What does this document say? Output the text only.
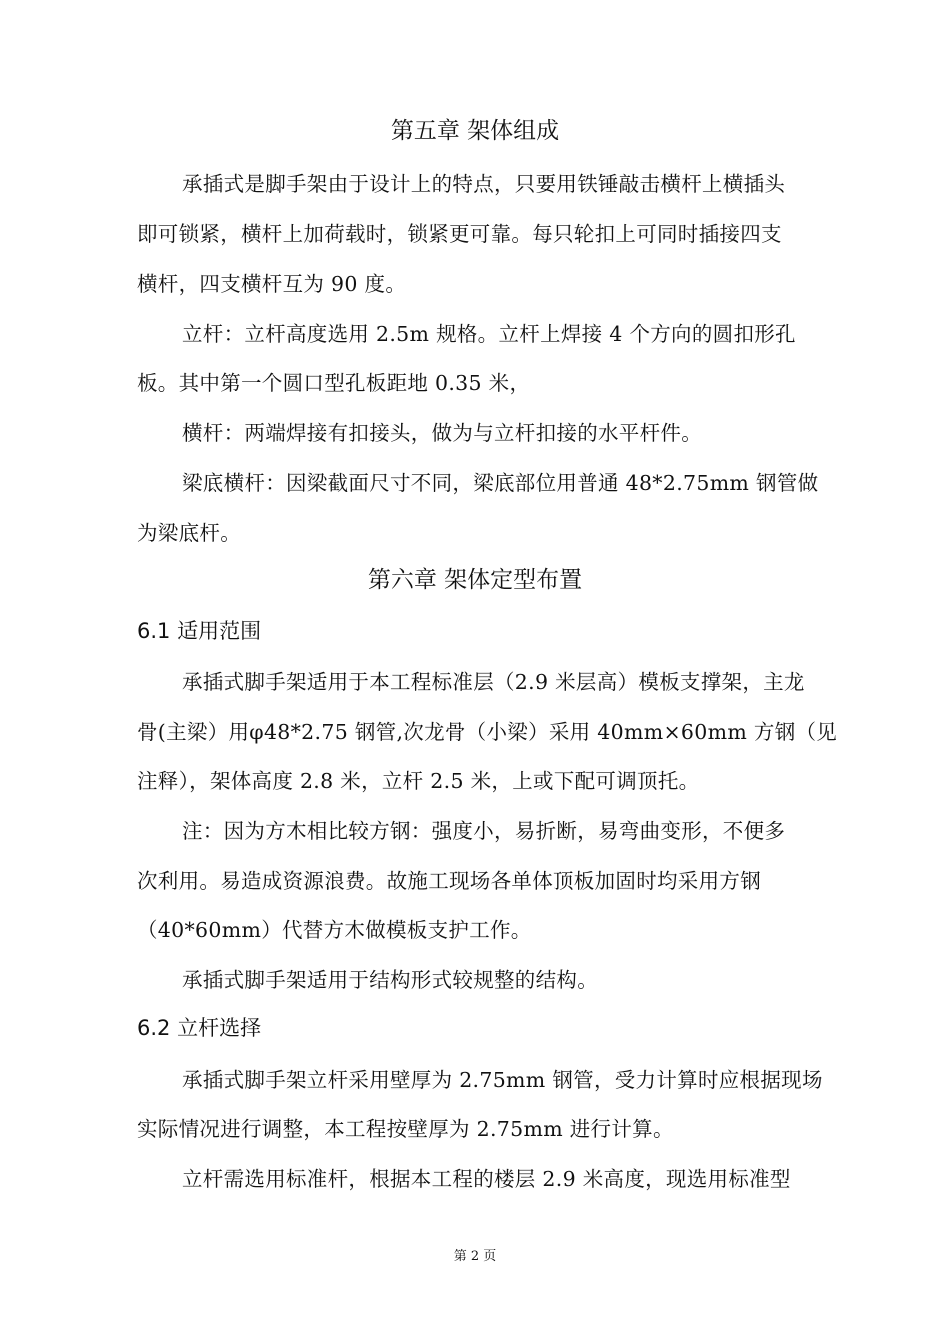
第五章 架体组成
承插式是脚手架由于设计上的特点，只要用铁锤敲击横杆上横插头
即可锁紧，横杆上加荷载时，锁紧更可靠。每只轮扣上可同时插接四支
横杆，四支横杆互为 90 度。
立杆：立杆高度选用 2.5m 规格。立杆上焊接 4 个方向的圆扣形孔
板。其中第一个圆口型孔板距地 0.35 米，
横杆：两端焊接有扣接头，做为与立杆扣接的水平杆件。
梁底横杆：因梁截面尺寸不同，梁底部位用普通 48*2.75mm 钢管做
为梁底杆。
第六章 架体定型布置
6.1 适用范围
承插式脚手架适用于本工程标准层（2.9 米层高）模板支撑架，主龙
骨(主梁）用φ48*2.75 钢管,次龙骨（小梁）采用 40mm×60mm 方钢（见
注释），架体高度 2.8 米，立杆 2.5 米，上或下配可调顶托。
注：因为方木相比较方钢：强度小，易折断，易弯曲变形，不便多
次利用。易造成资源浪费。故施工现场各单体顶板加固时均采用方钢
（40*60mm）代替方木做模板支护工作。
承插式脚手架适用于结构形式较规整的结构。
6.2 立杆选择
承插式脚手架立杆采用壁厚为 2.75mm 钢管，受力计算时应根据现场
实际情况进行调整，本工程按壁厚为 2.75mm 进行计算。
立杆需选用标准杆，根据本工程的楼层 2.9 米高度，现选用标准型
第 2 页
